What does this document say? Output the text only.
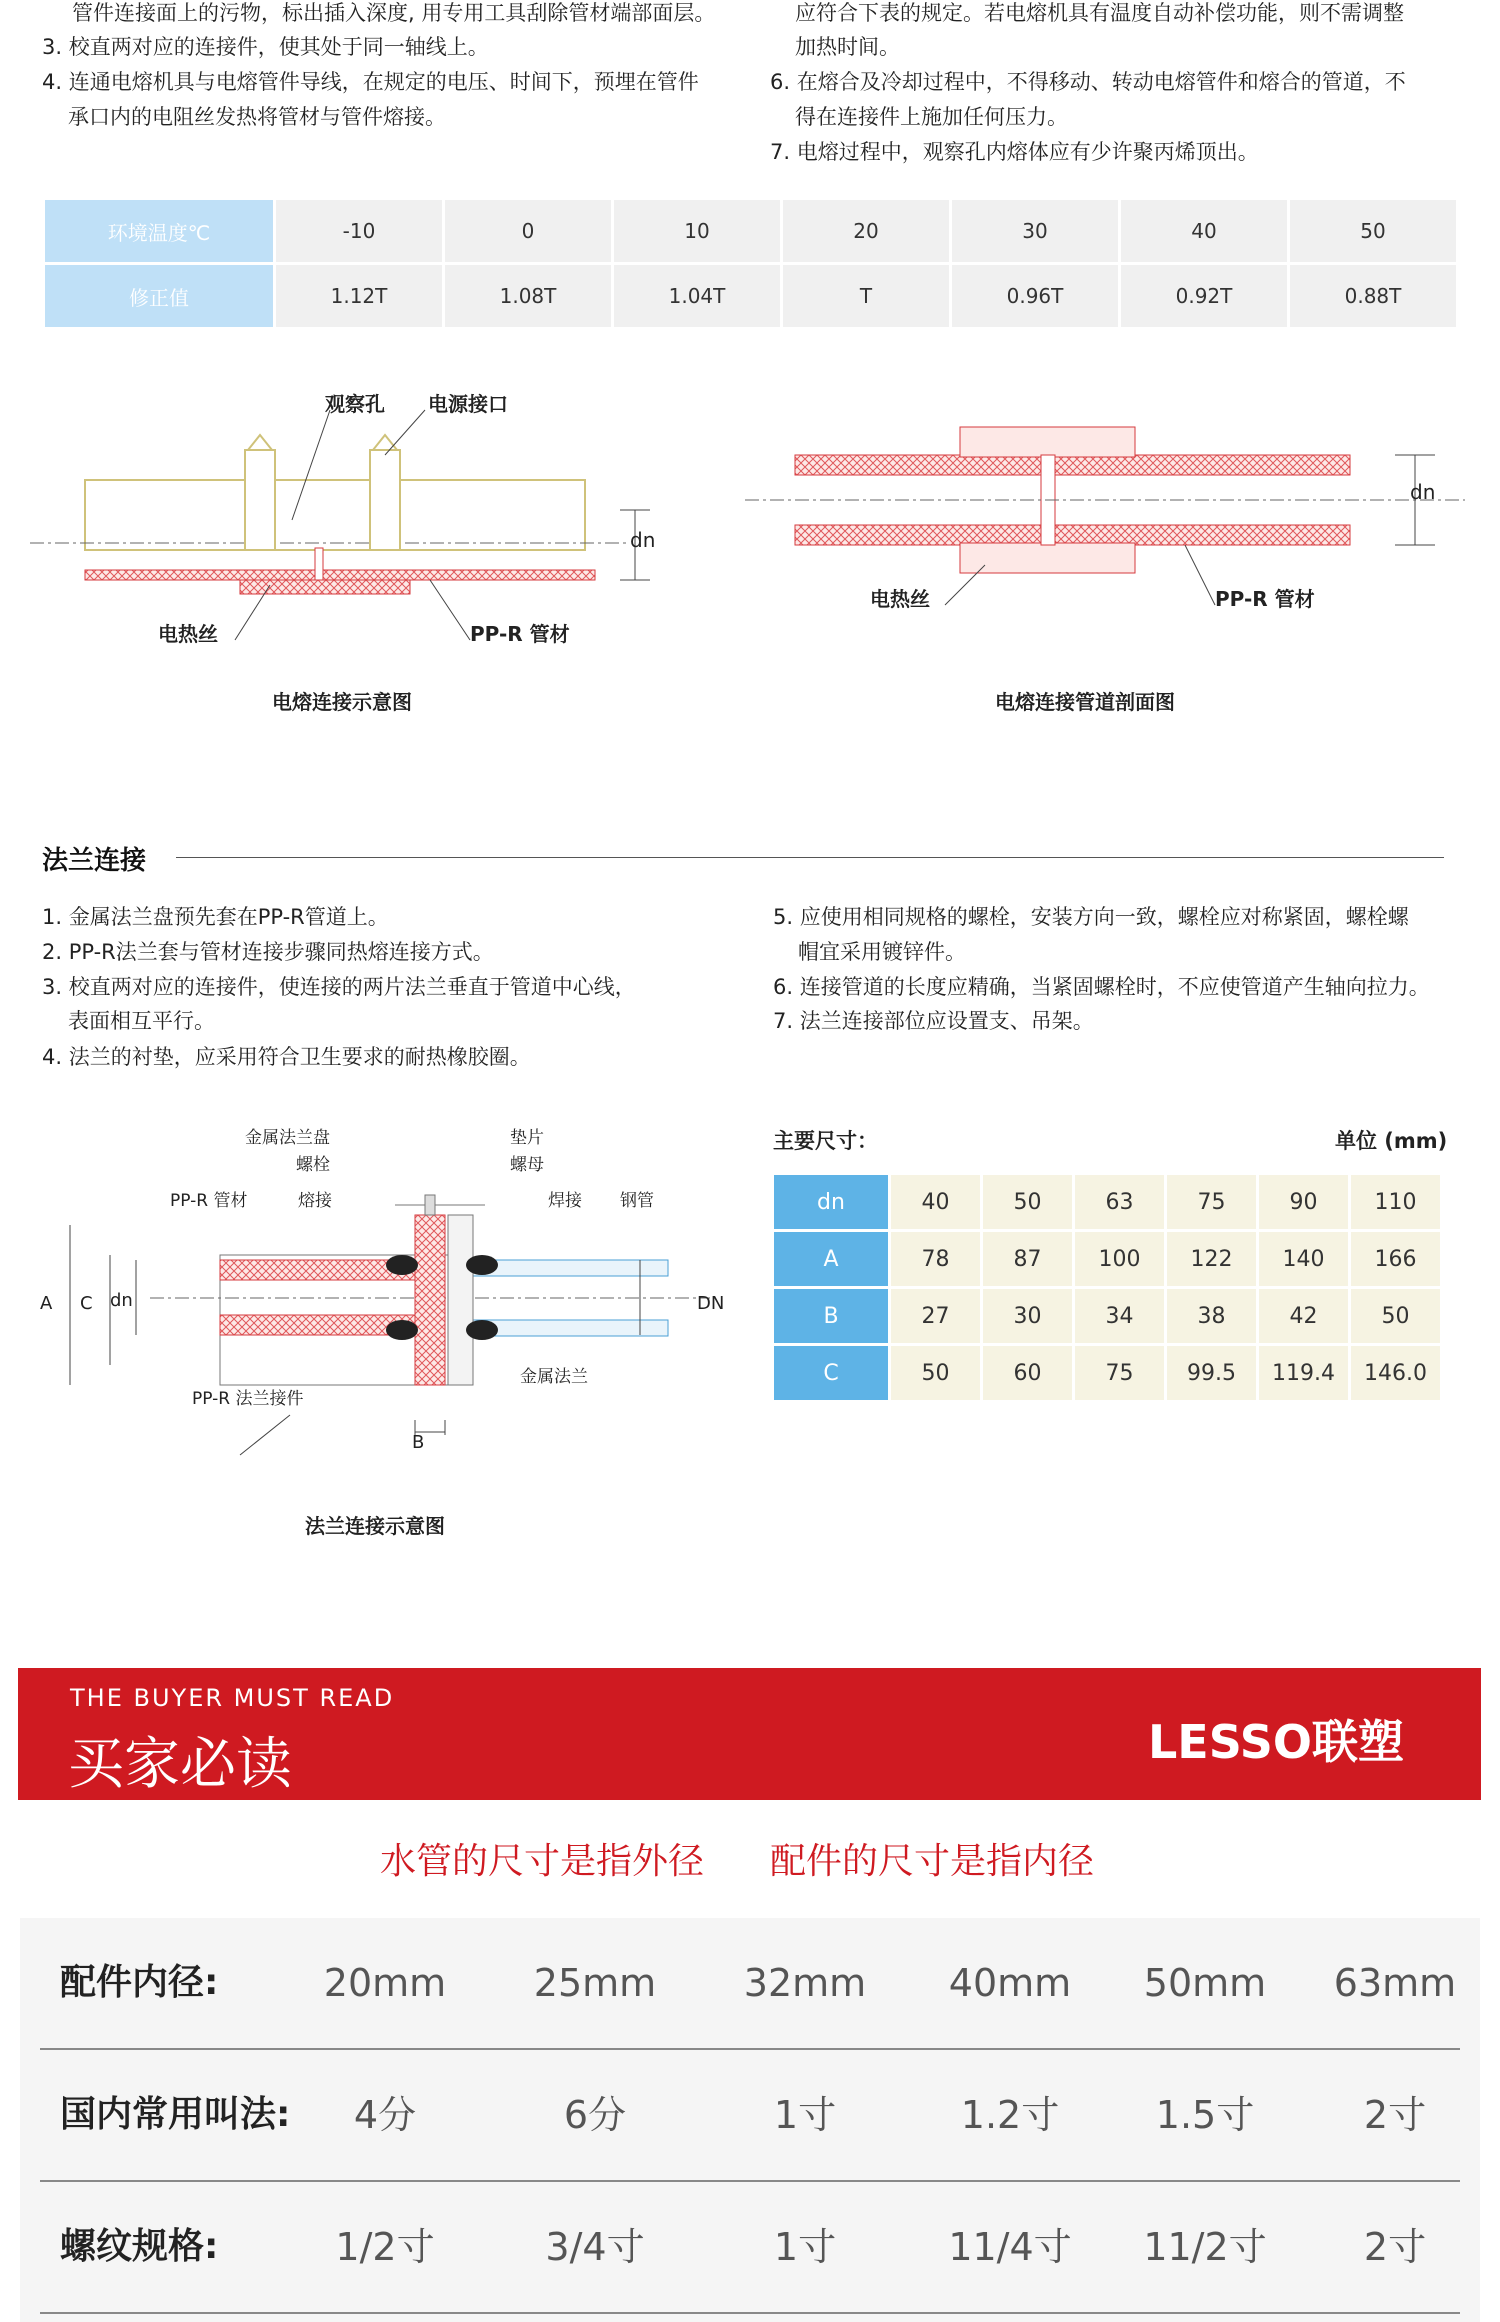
管件连接面上的污物，标出插入深度, 用专用工具刮除管材端部面层。
3. 校直两对应的连接件，使其处于同一轴线上。
4. 连通电熔机具与电熔管件导线，在规定的电压、时间下，预埋在管件
承口内的电阻丝发热将管材与管件熔接。
应符合下表的规定。若电熔机具有温度自动补偿功能，则不需调整
加热时间。
6. 在熔合及冷却过程中，不得移动、转动电熔管件和熔合的管道，不
得在连接件上施加任何压力。
7. 电熔过程中，观察孔内熔体应有少许聚丙烯顶出。
环境温度℃	-10	0	10	20	30	40	50
修正值	1.12T	1.08T	1.04T	T	0.96T	0.92T	0.88T
观察孔 电源接口
dn
电热丝	PP-R 管材
电熔连接示意图
dn
电热丝	PP-R 管材
电熔连接管道剖面图
法兰连接
1. 金属法兰盘预先套在PP-R管道上。
2. PP-R法兰套与管材连接步骤同热熔连接方式。
3. 校直两对应的连接件，使连接的两片法兰垂直于管道中心线，
表面相互平行。
4. 法兰的衬垫，应采用符合卫生要求的耐热橡胶圈。
5. 应使用相同规格的螺栓，安装方向一致，螺栓应对称紧固，螺栓螺
帽宜采用镀锌件。
6. 连接管道的长度应精确，当紧固螺栓时，不应使管道产生轴向拉力。
7. 法兰连接部位应设置支、吊架。
金属法兰盘
螺栓
垫片
螺母
PP-R 管材	熔接	焊接 钢管
A C dn	DN
金属法兰
PP-R 法兰接件
B
法兰连接示意图
主要尺寸：	单位 (mm)
dn	40	50	63	75	90	110
A	78	87	100	122	140	166
B	27	30	34	38	42	50
C	50	60	75	99.5	119.4	146.0
THE BUYER MUST READ
买家必读	LESSO联塑
水管的尺寸是指外径 配件的尺寸是指内径
配件内径:	20mm	25mm	32mm	40mm	50mm	63mm
国内常用叫法:	4分	6分	1寸	1.2寸	1.5寸	2寸
螺纹规格:	1/2寸	3/4寸	1寸	11/4寸	11/2寸	2寸
